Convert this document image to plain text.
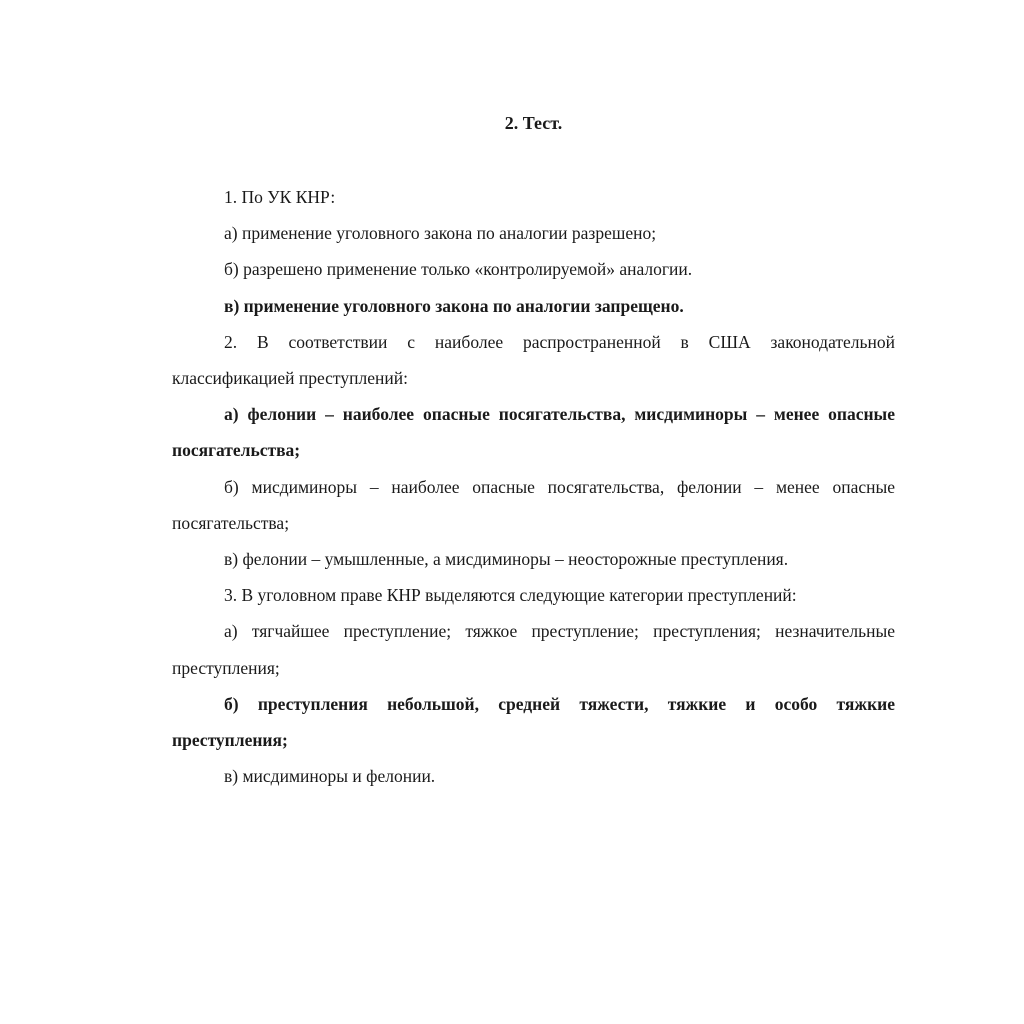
2. Тест.

1. По УК КНР:

а) применение уголовного закона по аналогии разрешено;

б) разрешено применение только «контролируемой» аналогии.

в) применение уголовного закона по аналогии запрещено.

2. В соответствии с наиболее распространенной в США законодательной классификацией преступлений:

а) фелонии – наиболее опасные посягательства, мисдиминоры – менее опасные посягательства;

б) мисдиминоры – наиболее опасные посягательства, фелонии – менее опасные посягательства;

в) фелонии – умышленные, а мисдиминоры – неосторожные преступления.

3. В уголовном праве КНР выделяются следующие категории преступлений:

а) тягчайшее преступление; тяжкое преступление; преступления; незначительные преступления;

б) преступления небольшой, средней тяжести, тяжкие и особо тяжкие преступления;

в) мисдиминоры и фелонии.
